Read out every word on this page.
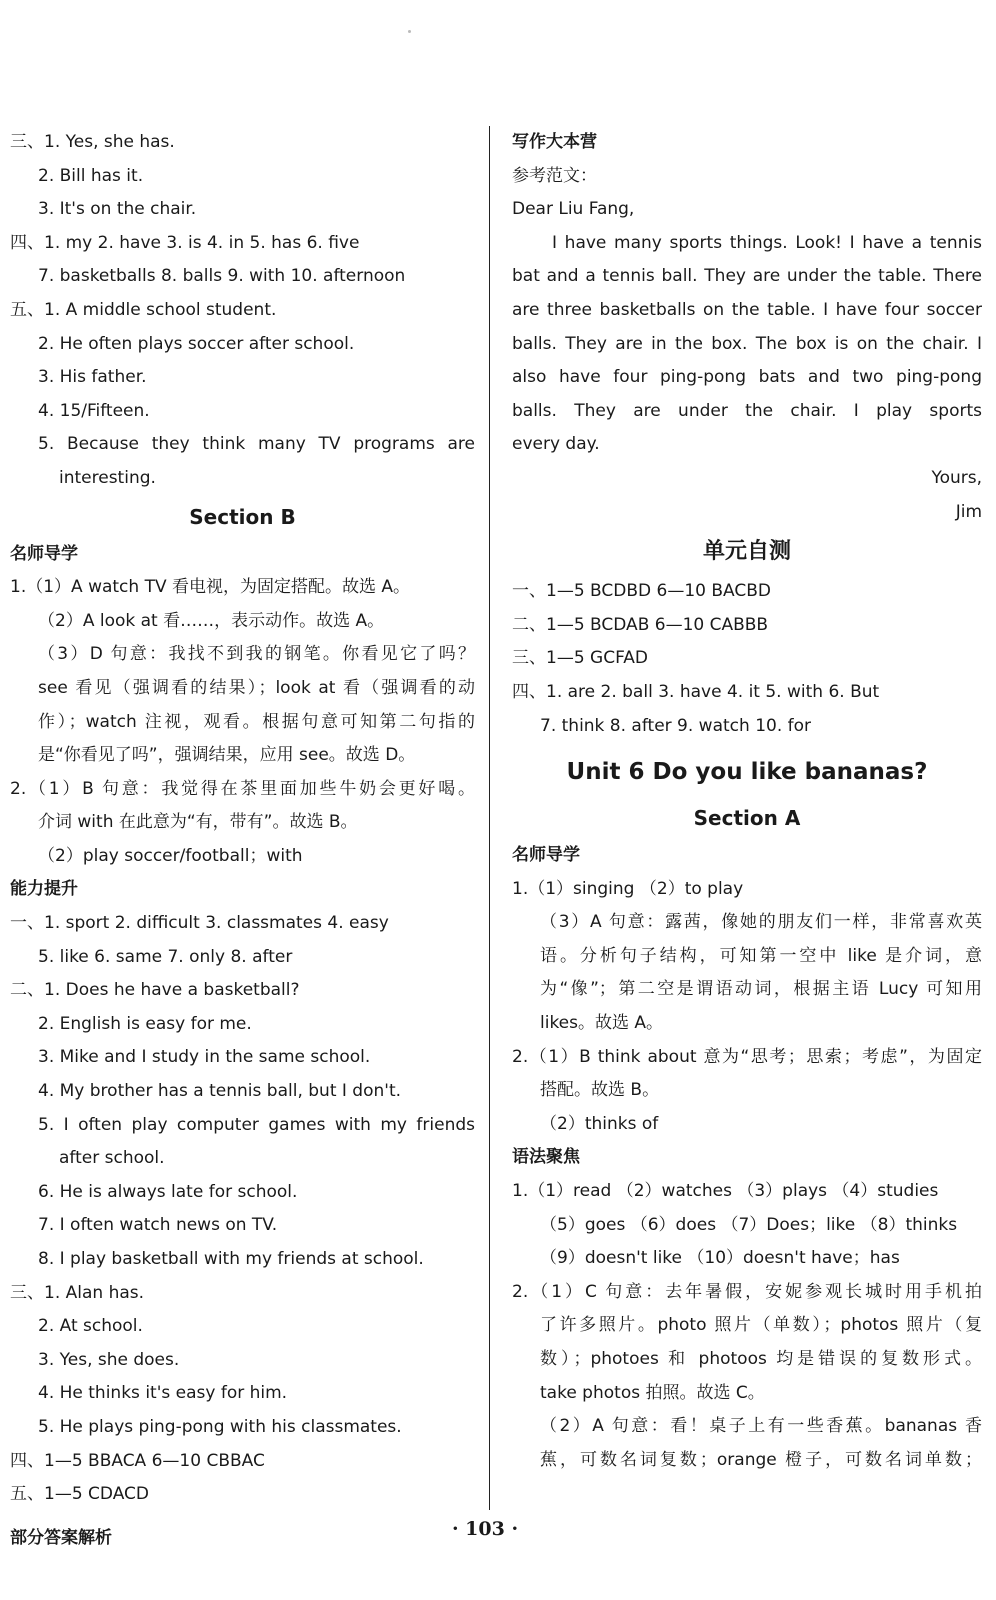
三、1. Yes, she has.
2. Bill has it.
3. It's on the chair.
四、1. my 2. have 3. is 4. in 5. has 6. five
7. basketballs 8. balls 9. with 10. afternoon
五、1. A middle school student.
2. He often plays soccer after school.
3. His father.
4. 15/Fifteen.
5. Because they think many TV programs are
interesting.
Section B
名师导学
1.（1）A watch TV 看电视，为固定搭配。故选 A。
（2）A look at 看……，表示动作。故选 A。
（3）D 句意：我找不到我的钢笔。你看见它了吗？
see 看见（强调看的结果）；look at 看（强调看的动
作）；watch 注视，观看。根据句意可知第二句指的
是“你看见了吗”，强调结果，应用 see。故选 D。
2.（1）B 句意：我觉得在茶里面加些牛奶会更好喝。
介词 with 在此意为“有，带有”。故选 B。
（2）play soccer/football；with
能力提升
一、1. sport 2. difficult 3. classmates 4. easy
5. like 6. same 7. only 8. after
二、1. Does he have a basketball?
2. English is easy for me.
3. Mike and I study in the same school.
4. My brother has a tennis ball, but I don't.
5. I often play computer games with my friends
after school.
6. He is always late for school.
7. I often watch news on TV.
8. I play basketball with my friends at school.
三、1. Alan has.
2. At school.
3. Yes, she does.
4. He thinks it's easy for him.
5. He plays ping-pong with his classmates.
四、1—5 BBACA 6—10 CBBAC
五、1—5 CDACD
写作大本营
参考范文：
Dear Liu Fang,
I have many sports things. Look! I have a tennis
bat and a tennis ball. They are under the table. There
are three basketballs on the table. I have four soccer
balls. They are in the box. The box is on the chair. I
also have four ping-pong bats and two ping-pong
balls. They are under the chair. I play sports
every day.
Yours,
Jim
单元自测
一、1—5 BCDBD 6—10 BACBD
二、1—5 BCDAB 6—10 CABBB
三、1—5 GCFAD
四、1. are 2. ball 3. have 4. it 5. with 6. But
7. think 8. after 9. watch 10. for
Unit 6 Do you like bananas?
Section A
名师导学
1.（1）singing （2）to play
（3）A 句意：露茜，像她的朋友们一样，非常喜欢英
语。分析句子结构，可知第一空中 like 是介词，意
为“像”；第二空是谓语动词，根据主语 Lucy 可知用
likes。故选 A。
2.（1）B think about 意为“思考；思索；考虑”，为固定
搭配。故选 B。
（2）thinks of
语法聚焦
1.（1）read （2）watches （3）plays （4）studies
（5）goes （6）does （7）Does；like （8）thinks
（9）doesn't like （10）doesn't have；has
2.（1）C 句意：去年暑假，安妮参观长城时用手机拍
了许多照片。photo 照片（单数）；photos 照片（复
数）；photoes 和 photoos 均是错误的复数形式。
take photos 拍照。故选 C。
（2）A 句意：看！桌子上有一些香蕉。bananas 香
蕉，可数名词复数；orange 橙子，可数名词单数；
部分答案解析	· 103 ·
